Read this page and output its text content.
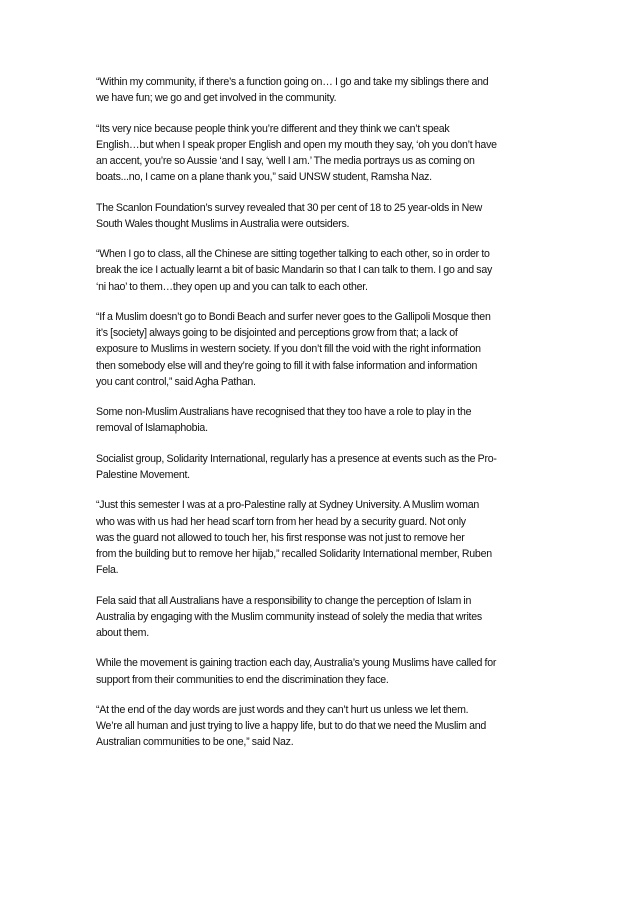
“Within my community, if there’s a function going on… I go and take my siblings there and
we have fun; we go and get involved in the community.

“Its very nice because people think you’re different and they think we can’t speak
English…but when I speak proper English and open my mouth they say, ‘oh you don’t have
an accent, you’re so Aussie ‘and I say, ‘well I am.’ The media portrays us as coming on
boats...no, I came on a plane thank you,” said UNSW student, Ramsha Naz.

The Scanlon Foundation’s survey revealed that 30 per cent of 18 to 25 year-olds in New
South Wales thought Muslims in Australia were outsiders.

“When I go to class, all the Chinese are sitting together talking to each other, so in order to
break the ice I actually learnt a bit of basic Mandarin so that I can talk to them. I go and say
‘ni hao’ to them…they open up and you can talk to each other.

“If a Muslim doesn’t go to Bondi Beach and surfer never goes to the Gallipoli Mosque then
it’s [society] always going to be disjointed and perceptions grow from that; a lack of
exposure to Muslims in western society. If you don’t fill the void with the right information
then somebody else will and they’re going to fill it with false information and information
you cant control,” said Agha Pathan.

Some non-Muslim Australians have recognised that they too have a role to play in the
removal of Islamaphobia.

Socialist group, Solidarity International, regularly has a presence at events such as the Pro-
Palestine Movement.

“Just this semester I was at a pro-Palestine rally at Sydney University. A Muslim woman
who was with us had her head scarf torn from her head by a security guard. Not only
was the guard not allowed to touch her, his first response was not just to remove her
from the building but to remove her hijab,” recalled Solidarity International member, Ruben
Fela.

Fela said that all Australians have a responsibility to change the perception of Islam in
Australia by engaging with the Muslim community instead of solely the media that writes
about them.

While the movement is gaining traction each day, Australia’s young Muslims have called for
support from their communities to end the discrimination they face.

“At the end of the day words are just words and they can’t hurt us unless we let them.
We’re all human and just trying to live a happy life, but to do that we need the Muslim and
Australian communities to be one,” said Naz.
